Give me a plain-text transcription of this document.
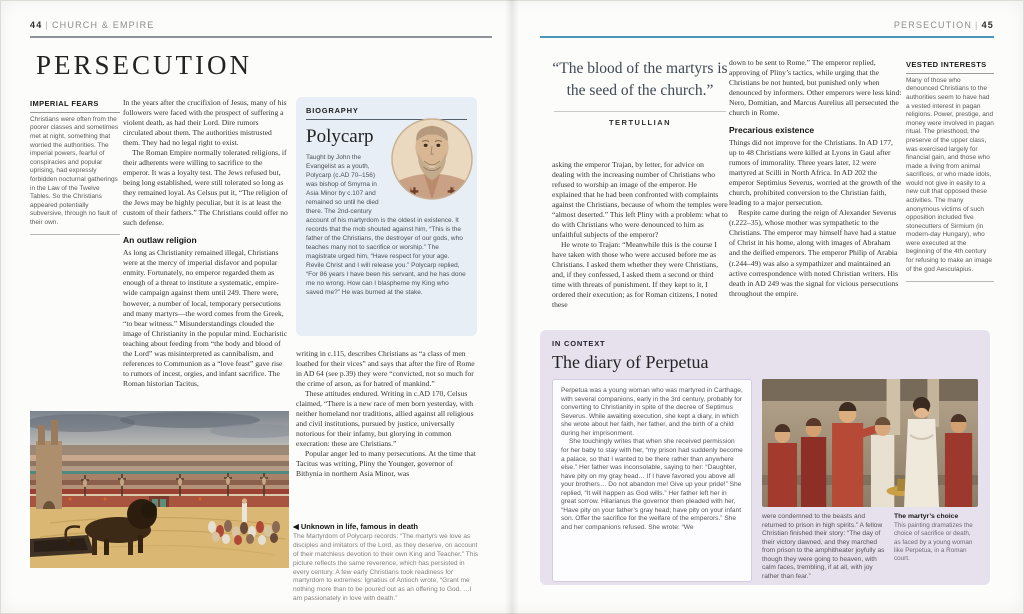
44 | CHURCH & EMPIRE
PERSECUTION
IMPERIAL FEARS
Christians were often from the poorer classes and sometimes met at night, something that worried the authorities. The imperial powers, fearful of conspiracies and popular uprising, had expressly forbidden nocturnal gatherings in the Law of the Twelve Tables. So the Christians appeared potentially subversive, through no fault of their own.

In the years after the crucifixion of Jesus, many of his followers were faced with the prospect of suffering a violent death, as had their Lord. Dire rumors circulated about them. The authorities mistrusted them. They had no legal right to exist.

The Roman Empire normally tolerated religions, if their adherents were willing to sacrifice to the emperor. It was a loyalty test. The Jews refused but, being long established, were still tolerated so long as they remained loyal. As Celsus put it, “The religion of the Jews may be highly peculiar, but it is at least the custom of their fathers.” The Christians could offer no such defense.

An outlaw religion

As long as Christianity remained illegal, Christians were at the mercy of imperial disfavor and popular enmity. Fortunately, no emperor regarded them as enough of a threat to institute a systematic, empire-wide campaign against them until 249. There were, however, a number of local, temporary persecutions and many martyrs—the word comes from the Greek, “to bear witness.” Misunderstandings clouded the image of Christianity in the popular mind. Eucharistic teaching about feeding from “the body and blood of the Lord” was misinterpreted as cannibalism, and references to Communion as a “love feast” gave rise to rumors of incest, orgies, and infant sacrifice. The Roman historian Tacitus,

BIOGRAPHY
Polycarp
Taught by John the Evangelist as a youth, Polycarp (c.AD 70–156) was bishop of Smyrna in Asia Minor by c.107 and remained so until he died there. The 2nd-century account of his martyrdom is the oldest in existence. It records that the mob shouted against him, “This is the father of the Christians, the destroyer of our gods, who teaches many not to sacrifice or worship.” The magistrate urged him, “Have respect for your age. Revile Christ and I will release you.” Polycarp replied, “For 86 years I have been his servant, and he has done me no wrong. How can I blaspheme my King who saved me?” He was burned at the stake.

writing in c.115, describes Christians as “a class of men loathed for their vices” and says that after the fire of Rome in AD 64 (see p.39) they were “convicted, not so much for the crime of arson, as for hatred of mankind.”

These attitudes endured. Writing in c.AD 170, Celsus claimed, “There is a new race of men born yesterday, with neither homeland nor traditions, allied against all religious and civil institutions, pursued by justice, universally notorious for their infamy, but glorying in common execration: these are Christians.”

Popular anger led to many persecutions. At the time that Tacitus was writing, Pliny the Younger, governor of Bithynia in northern Asia Minor, was

◀ Unknown in life, famous in death
The Martyrdom of Polycarp records: “The martyrs we love as disciples and imitators of the Lord, as they deserve, on account of their matchless devotion to their own King and Teacher.” This picture reflects the same reverence, which has persisted in every century. A few early Christians took readiness for martyrdom to extremes: Ignatius of Antioch wrote, “Grant me nothing more than to be poured out as an offering to God. …I am passionately in love with death.”
PERSECUTION | 45
“The blood of the martyrs is the seed of the church.”
TERTULLIAN

asking the emperor Trajan, by letter, for advice on dealing with the increasing number of Christians who refused to worship an image of the emperor. He explained that he had been confronted with complaints against the Christians, because of whom the temples were “almost deserted.” This left Pliny with a problem: what to do with Christians who were denounced to him as unfaithful subjects of the emperor?

He wrote to Trajan: “Meanwhile this is the course I have taken with those who were accused before me as Christians. I asked them whether they were Christians, and, if they confessed, I asked them a second or third time with threats of punishment. If they kept to it, I ordered their execution; as for Roman citizens, I noted these

down to be sent to Rome.” The emperor replied, approving of Pliny’s tactics, while urging that the Christians be not hunted, but punished only when denounced by informers. Other emperors were less kind: Nero, Domitian, and Marcus Aurelius all persecuted the church in Rome.

Precarious existence

Things did not improve for the Christians. In AD 177, up to 48 Christians were killed at Lyons in Gaul after rumors of immorality. Three years later, 12 were martyred at Scilli in North Africa. In AD 202 the emperor Septimius Severus, worried at the growth of the church, prohibited conversion to the Christian faith, leading to a major persecution.

Respite came during the reign of Alexander Severus (r.222–35), whose mother was sympathetic to the Christians. The emperor may himself have had a statue of Christ in his home, along with images of Abraham and the deified emperors. The emperor Philip of Arabia (r.244–49) was also a sympathizer and maintained an active correspondence with noted Christian writers. His death in AD 249 was the signal for vicious persecutions throughout the empire.

VESTED INTERESTS
Many of those who denounced Christians to the authorities seem to have had a vested interest in pagan religions. Power, prestige, and money were involved in pagan ritual. The priesthood, the preserve of the upper class, was exercised largely for financial gain, and those who made a living from animal sacrifices, or who made idols, would not give in easily to a new cult that opposed these activities. The many anonymous victims of such opposition included five stonecutters of Sirmium (in modern-day Hungary), who were executed at the beginning of the 4th century for refusing to make an image of the god Aesculapius.
IN CONTEXT
The diary of Perpetua

Perpetua was a young woman who was martyred in Carthage, with several companions, early in the 3rd century, probably for converting to Christianity in spite of the decree of Septimus Severus. While awaiting execution, she kept a diary, in which she wrote about her faith, her father, and the birth of a child during her imprisonment.

She touchingly writes that when she received permission for her baby to stay with her, “my prison had suddenly become a palace, so that I wanted to be there rather than anywhere else.” Her father was inconsolable, saying to her: “Daughter, have pity on my gray head… If I have favored you above all your brothers… Do not abandon me! Give up your pride!” She replied, “It will happen as God wills.” Her father left her in great sorrow. Hilarianus the governor then pleaded with her, “Have pity on your father’s gray head; have pity on your infant son. Offer the sacrifice for the welfare of the emperors.” She and her companions refused. She wrote: “We

were condemned to the beasts and returned to prison in high spirits.” A fellow Christian finished their story: “The day of their victory dawned, and they marched from prison to the amphitheater joyfully as though they were going to heaven, with calm faces, trembling, if at all, with joy rather than fear.”
The martyr’s choice
This painting dramatizes the choice of sacrifice or death, as faced by a young woman like Perpetua, in a Roman court.
